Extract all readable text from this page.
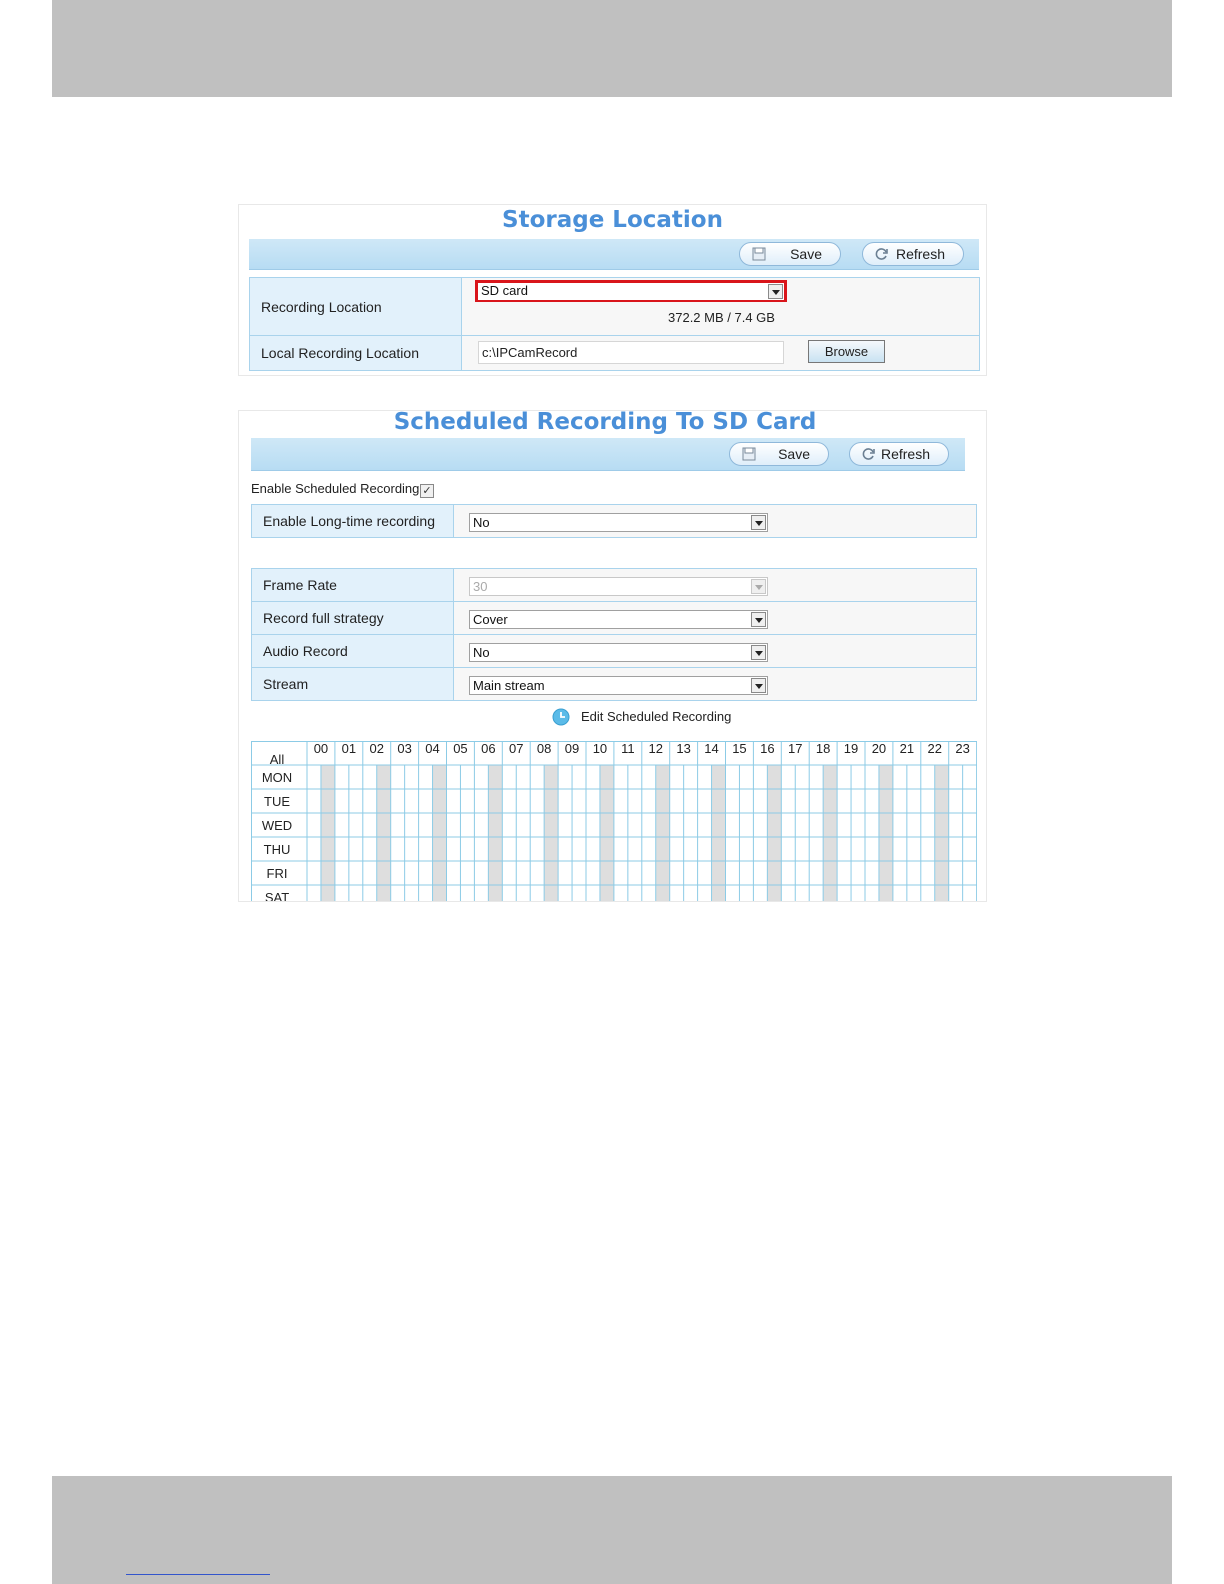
Storage Location
Save	Refresh
Recording Location	SD card
372.2 MB / 7.4 GB

Local Recording Location	c:\IPCamRecord Browse
Scheduled Recording To SD Card
Save	Refresh
Enable Scheduled Recording ✓
Enable Long-time recording	No
Frame Rate	30

Record full strategy	Cover

Audio Record	No

Stream	Main stream
Edit Scheduled Recording
All
00	01	02	03	04	05	06	07	08	09	10	11	12	13	14	15	16	17	18	19	20	21	22	23
MON
TUE
WED
THU
FRI
SAT
